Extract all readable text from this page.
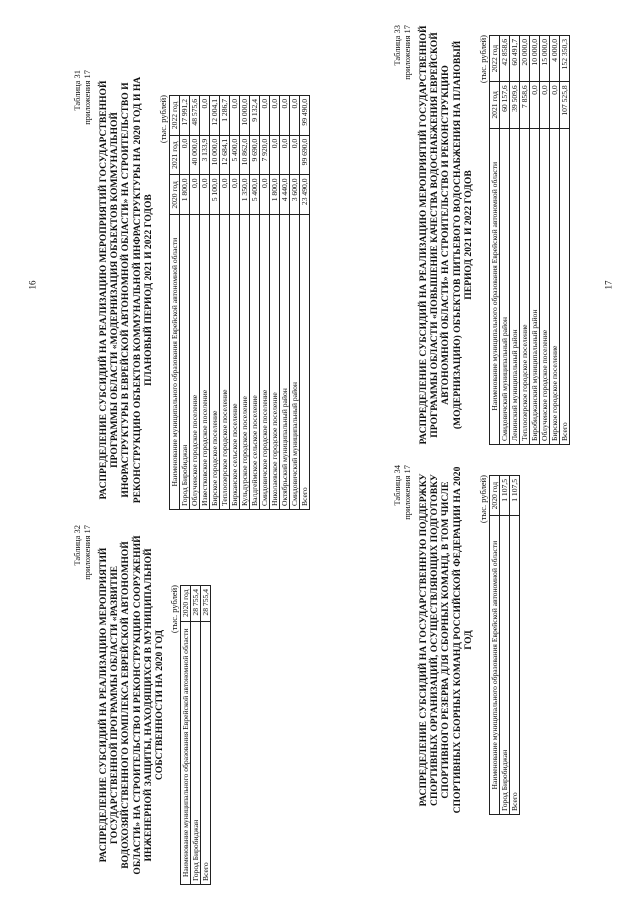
16	17
Таблица 31 приложения 17 РАСПРЕДЕЛЕНИЕ СУБСИДИЙ НА РЕАЛИЗАЦИЮ МЕРОПРИЯТИЙ ГОСУДАРСТВЕННОЙ ПРОГРАММЫ ОБЛАСТИ «МОДЕРНИЗАЦИЯ ОБЪЕКТОВ КОММУНАЛЬНОЙ ИНФРАСТРУКТУРЫ В ЕВРЕЙСКОЙ АВТОНОМНОЙ ОБЛАСТИ» НА СТРОИТЕЛЬСТВО И РЕКОНСТРУКЦИЮ ОБЪЕКТОВ КОММУНАЛЬНОЙ ИНФРАСТРУКТУРЫ НА 2020 ГОД И НА ПЛАНОВЫЙ ПЕРИОД 2021 И 2022 ГОДОВ
(тыс. рублей)
Наименование муниципального образования Еврейской автономной области	2020 год	2021 год	2022 год
Город Биробиджан	1 800,0	0,0	17 991,2
Облученское городское поселение	0,0	40 000,0	48 575,6
Известковское городское поселение	0,0	3 133,9	0,0
Бирское городское поселение	5 100,0	10 000,0	12 004,1
Теплоозерское городское поселение	0,0	12 684,1	1 286,7
Бирканское сельское поселение	0,0	5 400,0	0,0
Кульдурское городское поселение	1 350,0	10 862,0	10 000,0
Валдгеймское сельское поселение	5 400,0	9 690,0	9 132,4
Смидовичское городское поселение	0,0	7 920,0	0,0
Николаевское городское поселение	1 800,0	0,0	0,0
Октябрьский муниципальный район	4 440,0	0,0	0,0
Смидовичский муниципальный район	3 600,0	0,0	0,0
Всего	23 490,0	99 690,0	99 490,0
Таблица 32 приложения 17 РАСПРЕДЕЛЕНИЕ СУБСИДИЙ НА РЕАЛИЗАЦИЮ МЕРОПРИЯТИЙ ГОСУДАРСТВЕННОЙ ПРОГРАММЫ ОБЛАСТИ «РАЗВИТИЕ ВОДОХОЗЯЙСТВЕННОГО КОМПЛЕКСА ЕВРЕЙСКОЙ АВТОНОМНОЙ ОБЛАСТИ» НА СТРОИТЕЛЬСТВО И РЕКОНСТРУКЦИЮ СООРУЖЕНИЙ ИНЖЕНЕРНОЙ ЗАЩИТЫ, НАХОДЯЩИХСЯ В МУНИЦИПАЛЬНОЙ СОБСТВЕННОСТИ НА 2020 ГОД
(тыс. рублей)
Наименование муниципального образования Еврейской автономной области	2020 год
Город Биробиджан	28 755,4
Всего	28 755,4
Таблица 33 приложения 17 РАСПРЕДЕЛЕНИЕ СУБСИДИЙ НА РЕАЛИЗАЦИЮ МЕРОПРИЯТИЙ ГОСУДАРСТВЕННОЙ ПРОГРАММЫ ОБЛАСТИ «ПОВЫШЕНИЕ КАЧЕСТВА ВОДОСНАБЖЕНИЯ ЕВРЕЙСКОЙ АВТОНОМНОЙ ОБЛАСТИ» НА СТРОИТЕЛЬСТВО И РЕКОНСТРУКЦИЮ (МОДЕРНИЗАЦИЮ) ОБЪЕКТОВ ПИТЬЕВОГО ВОДОСНАБЖЕНИЯ НА ПЛАНОВЫЙ ПЕРИОД 2021 И 2022 ГОДОВ
(тыс. рублей)
Наименование муниципального образования Еврейской автономной области	2021 год	2022 год
Смидовичский муниципальный район	60 157,6	42 858,6
Ленинский муниципальный район	39 509,6	60 491,7
Теплоозерское городское поселение	7 858,6	20 000,0
Биробиджанский муниципальный район	0,0	10 000,0
Облученское городское поселение	0,0	15 000,0
Бирское городское поселение	0,0	4 000,0
Всего	107 525,8	152 350,3
Таблица 34 приложения 17 РАСПРЕДЕЛЕНИЕ СУБСИДИЙ НА ГОСУДАРСТВЕННУЮ ПОДДЕРЖКУ СПОРТИВНЫХ ОРГАНИЗАЦИЙ, ОСУЩЕСТВЛЯЮЩИХ ПОДГОТОВКУ СПОРТИВНОГО РЕЗЕРВА ДЛЯ СБОРНЫХ КОМАНД, В ТОМ ЧИСЛЕ СПОРТИВНЫХ СБОРНЫХ КОМАНД РОССИЙСКОЙ ФЕДЕРАЦИИ НА 2020 ГОД
(тыс. рублей)
Наименование муниципального образования Еврейской автономной области	2020 год
Город Биробиджан	1 107,5
Всего	1 107,5
